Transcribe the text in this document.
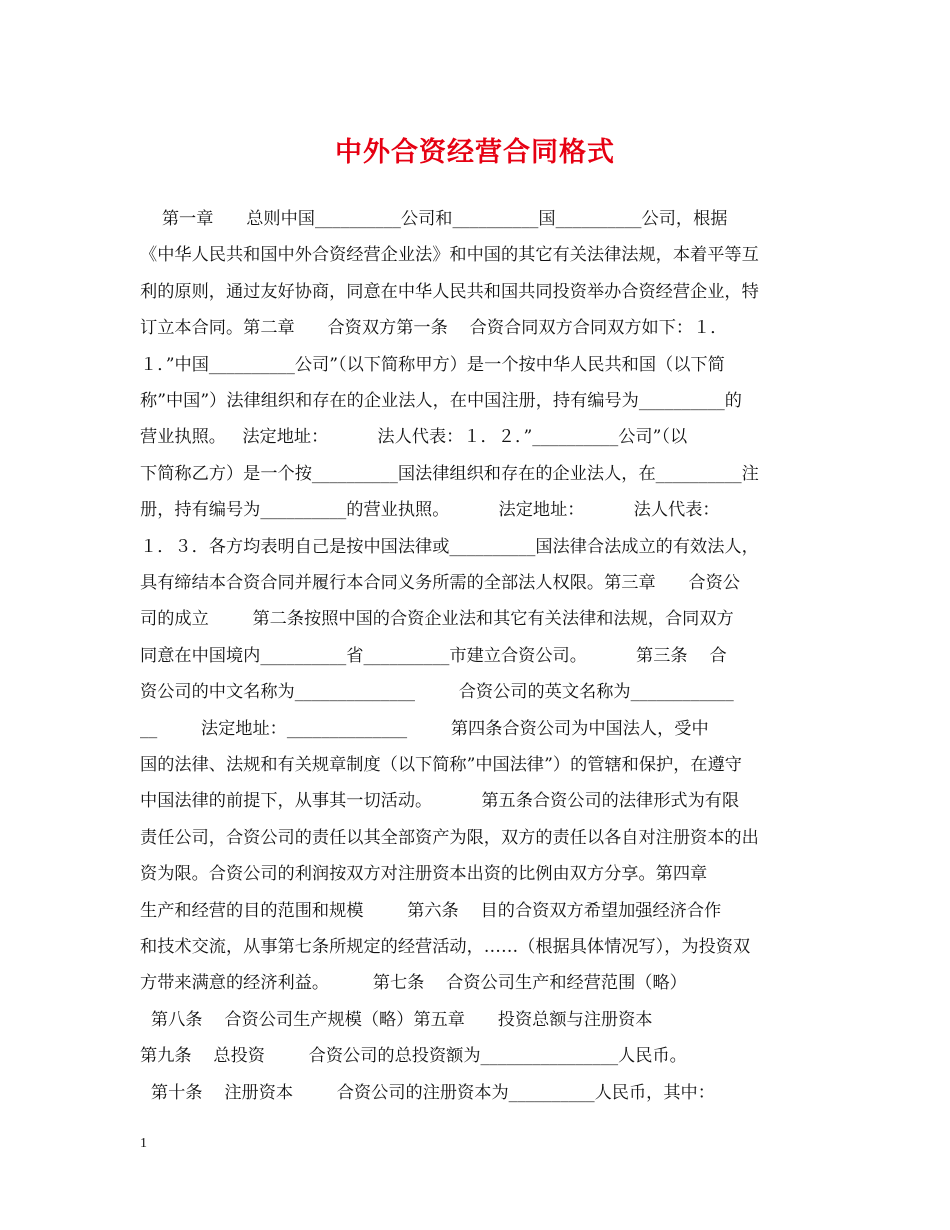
中外合资经营合同格式
第一章      总则中国__________公司和__________国__________公司，根据
《中华人民共和国中外合资经营企业法》和中国的其它有关法律法规，本着平等互
利的原则，通过友好协商，同意在中华人民共和国共同投资举办合资经营企业，特
订立本合同。第二章      合资双方第一条    合资合同双方合同双方如下：１．
１．”中国__________公司”（以下简称甲方）是一个按中华人民共和国（以下简
称”中国”）法律组织和存在的企业法人，在中国注册，持有编号为__________的
营业执照。   法定地址：         法人代表：１．２．”__________公司”（以
下简称乙方）是一个按__________国法律组织和存在的企业法人，在__________注
册，持有编号为__________的营业执照。         法定地址：         法人代表：
１．３．各方均表明自己是按中国法律或__________国法律合法成立的有效法人，
具有缔结本合资合同并履行本合同义务所需的全部法人权限。第三章      合资公
司的成立        第二条按照中国的合资企业法和其它有关法律和法规，合同双方
同意在中国境内__________省__________市建立合资公司。         第三条    合
资公司的中文名称为______________        合资公司的英文名称为____________
__        法定地址：______________        第四条合资公司为中国法人，受中
国的法律、法规和有关规章制度（以下简称”中国法律”）的管辖和保护，在遵守
中国法律的前提下，从事其一切活动。         第五条合资公司的法律形式为有限
责任公司，合资公司的责任以其全部资产为限，双方的责任以各自对注册资本的出
资为限。合资公司的利润按双方对注册资本出资的比例由双方分享。第四章
生产和经营的目的范围和规模        第六条    目的合资双方希望加强经济合作
和技术交流，从事第七条所规定的经营活动，……（根据具体情况写），为投资双
方带来满意的经济利益。        第七条    合资公司生产和经营范围（略）
第八条    合资公司生产规模（略）第五章      投资总额与注册资本
第九条    总投资        合资公司的总投资额为________________人民币。
第十条    注册资本        合资公司的注册资本为__________人民币，其中：
1
